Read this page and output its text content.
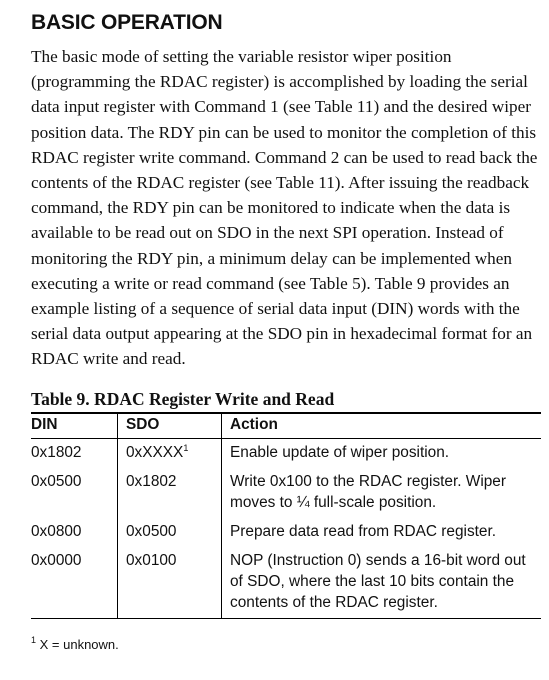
BASIC OPERATION

The basic mode of setting the variable resistor wiper position (programming the RDAC register) is accomplished by loading the serial data input register with Command 1 (see Table 11) and the desired wiper position data. The RDY pin can be used to monitor the completion of this RDAC register write command. Command 2 can be used to read back the contents of the RDAC register (see Table 11). After issuing the readback command, the RDY pin can be monitored to indicate when the data is available to be read out on SDO in the next SPI operation. Instead of monitoring the RDY pin, a minimum delay can be implemented when executing a write or read command (see Table 5). Table 9 provides an example listing of a sequence of serial data input (DIN) words with the serial data output appearing at the SDO pin in hexadecimal format for an RDAC write and read.

Table 9. RDAC Register Write and Read
DIN	SDO	Action
0x1802	0xXXXX$^1$	Enable update of wiper position.
0x0500	0x1802	Write 0x100 to the RDAC register. Wiper moves to ¼ full-scale position.
0x0800	0x0500	Prepare data read from RDAC register.
0x0000	0x0100	NOP (Instruction 0) sends a 16-bit word out of SDO, where the last 10 bits contain the contents of the RDAC register.

$^1$ X = unknown.
